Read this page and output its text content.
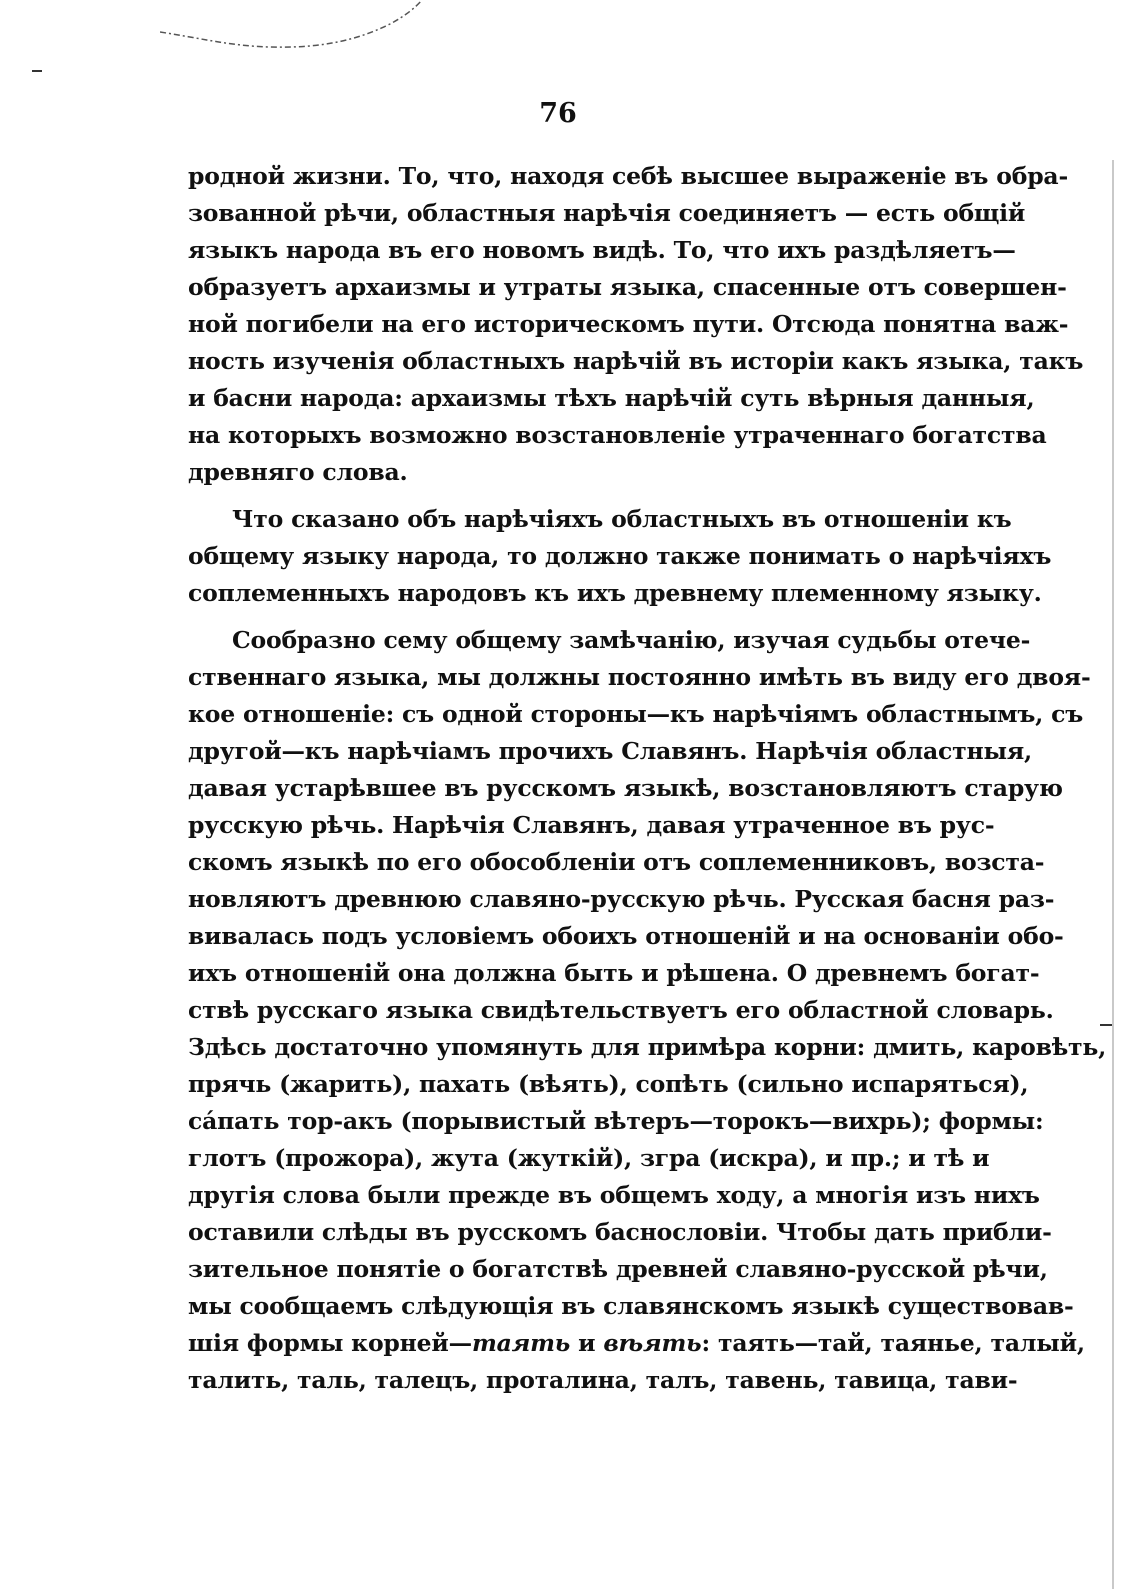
76
родной жизни. То, что, находя себѣ высшее выраженіе въ обра-
зованной рѣчи, областныя нарѣчія соединяетъ — есть общій
языкъ народа въ его новомъ видѣ. То, что ихъ раздѣляетъ—
образуетъ архаизмы и утраты языка, спасенные отъ совершен-
ной погибели на его историческомъ пути. Отсюда понятна важ-
ность изученія областныхъ нарѣчій въ исторіи какъ языка, такъ
и басни народа: архаизмы тѣхъ нарѣчій суть вѣрныя данныя,
на которыхъ возможно возстановленіе утраченнаго богатства
древняго слова.
Что сказано объ нарѣчіяхъ областныхъ въ отношеніи къ
общему языку народа, то должно также понимать о нарѣчіяхъ
соплеменныхъ народовъ къ ихъ древнему племенному языку.
Сообразно сему общему замѣчанію, изучая судьбы отече-
ственнаго языка, мы должны постоянно имѣть въ виду его двоя-
кое отношеніе: съ одной стороны—къ нарѣчіямъ областнымъ, съ
другой—къ нарѣчіамъ прочихъ Славянъ. Нарѣчія областныя,
давая устарѣвшее въ русскомъ языкѣ, возстановляютъ старую
русскую рѣчь. Нарѣчія Славянъ, давая утраченное въ рус-
скомъ языкѣ по его обособленіи отъ соплеменниковъ, возста-
новляютъ древнюю славяно-русскую рѣчь. Русская басня раз-
вивалась подъ условіемъ обоихъ отношеній и на основаніи обо-
ихъ отношеній она должна быть и рѣшена. О древнемъ богат-
ствѣ русскаго языка свидѣтельствуетъ его областной словарь.
Здѣсь достаточно упомянуть для примѣра корни: дмить, каровѣть,
прячь (жарить), пахать (вѣять), сопѣть (сильно испаряться),
сáпать тор-акъ (порывистый вѣтеръ—торокъ—вихрь); формы:
глотъ (прожора), жута (жуткій), згра (искра), и пр.; и тѣ и
другія слова были прежде въ общемъ ходу, а многія изъ нихъ
оставили слѣды въ русскомъ баснословіи. Чтобы дать прибли-
зительное понятіе о богатствѣ древней славяно-русской рѣчи,
мы сообщаемъ слѣдующія въ славянскомъ языкѣ существовав-
шія формы корней—таять и вѣять: таять—тай, таянье, талый,
талить, таль, талецъ, проталина, талъ, тавень, тавица, тави-
